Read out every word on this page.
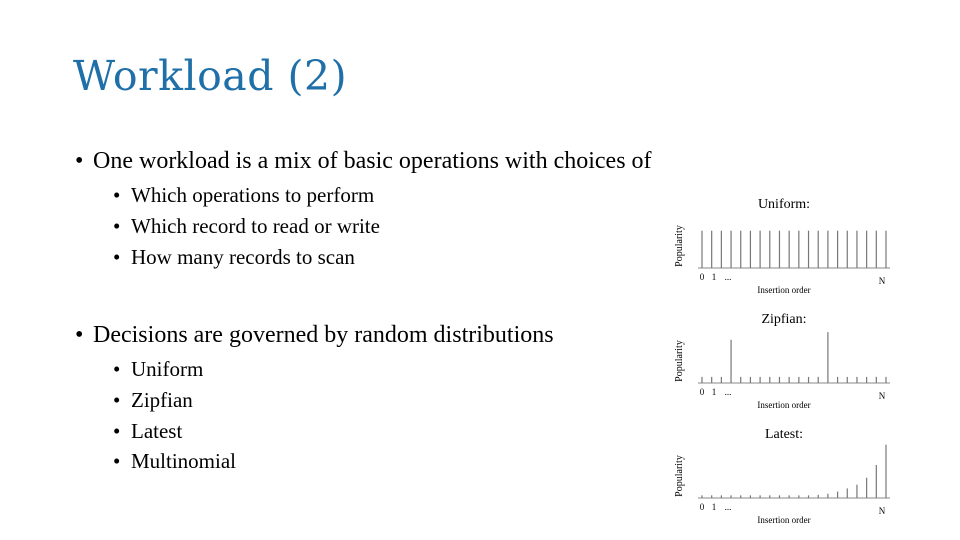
Workload (2)
• One workload is a mix of basic operations with choices of
• Which operations to perform
• Which record to read or write
• How many records to scan
• Decisions are governed by random distributions
• Uniform
• Zipfian
• Latest
• Multinomial
Uniform:
Popularity
0 1 ...	N
Insertion order
Zipfian:
Popularity
0 1 ...	N
Insertion order
Latest:
Popularity
0 1 ...	N
Insertion order
